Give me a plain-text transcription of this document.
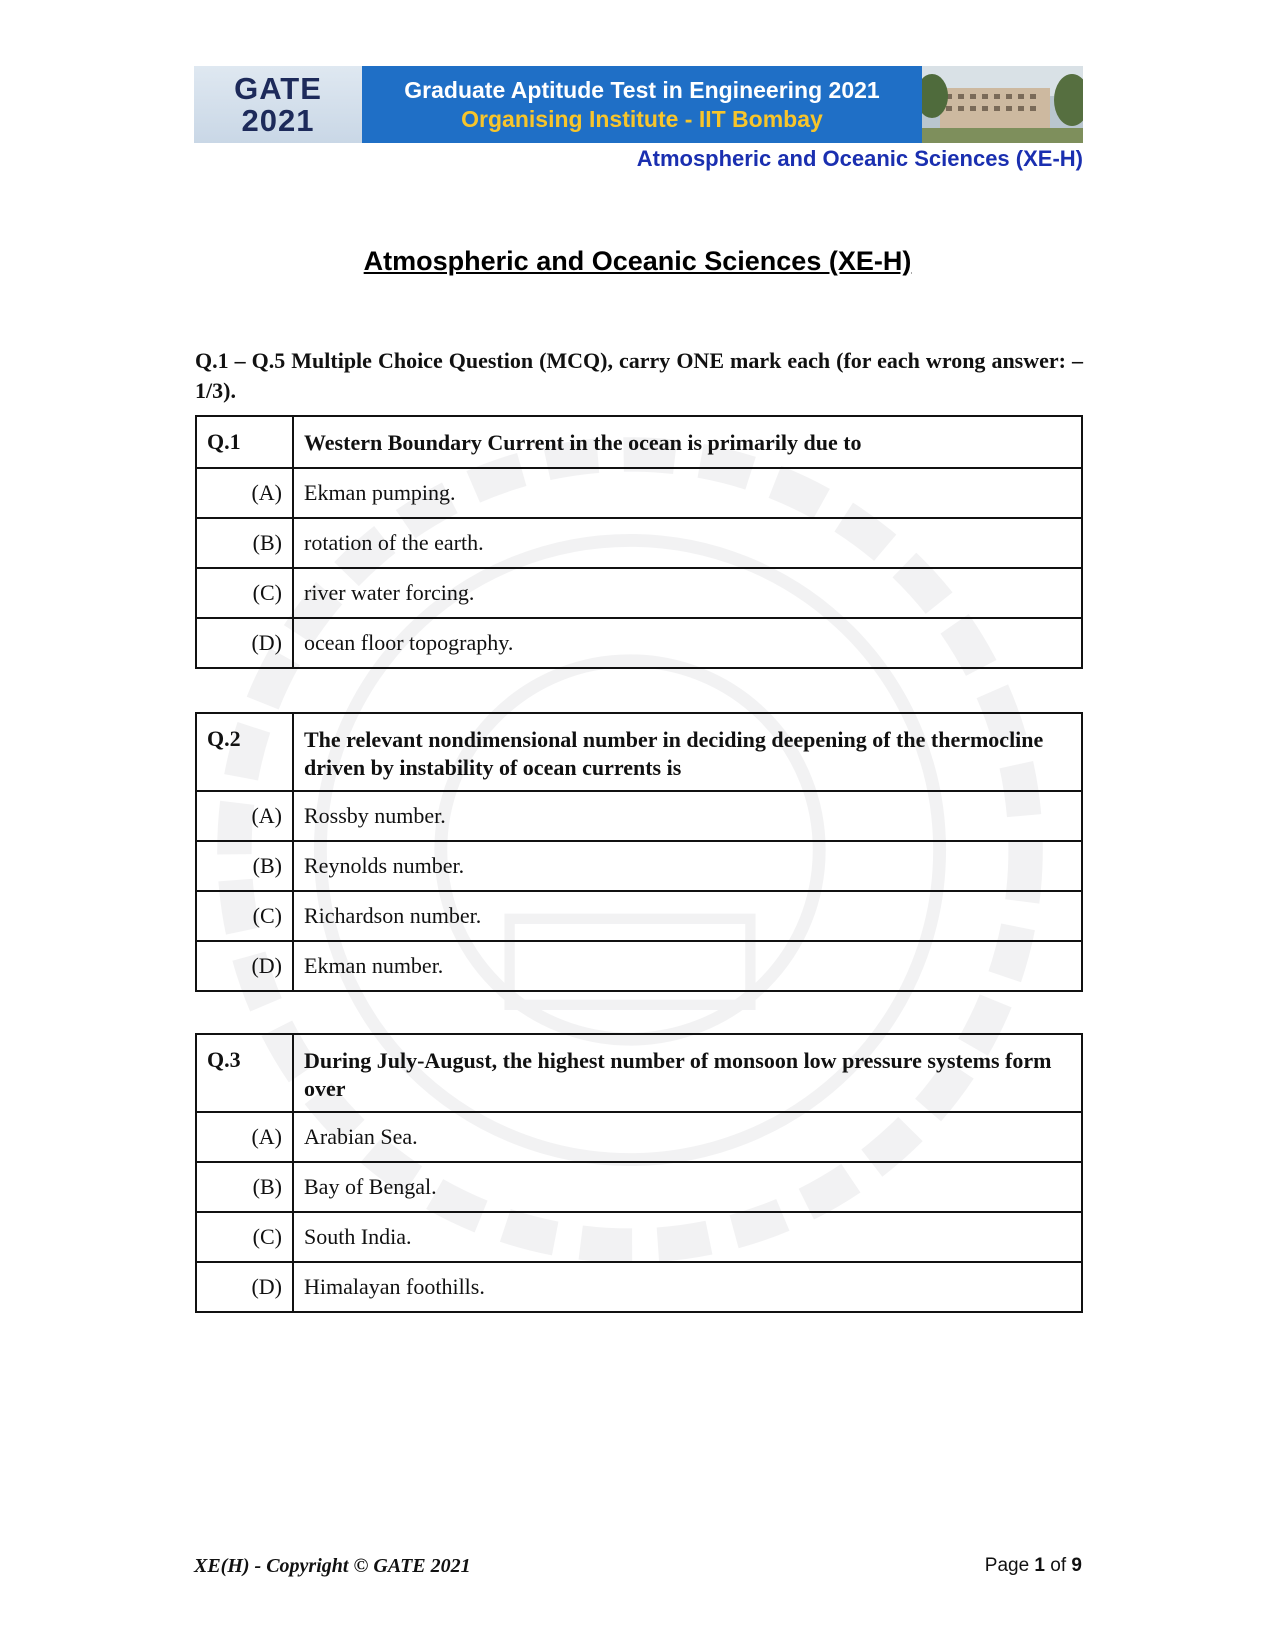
GATE
2021
Graduate Aptitude Test in Engineering 2021
Organising Institute - IIT Bombay
Atmospheric and Oceanic Sciences (XE-H)
Atmospheric and Oceanic Sciences (XE-H)
Q.1 – Q.5 Multiple Choice Question (MCQ), carry ONE mark each (for each wrong answer: – 1/3).
Q.1	Western Boundary Current in the ocean is primarily due to
(A)	Ekman pumping.
(B)	rotation of the earth.
(C)	river water forcing.
(D)	ocean floor topography.
Q.2	The relevant nondimensional number in deciding deepening of the thermocline driven by instability of ocean currents is
(A)	Rossby number.
(B)	Reynolds number.
(C)	Richardson number.
(D)	Ekman number.
Q.3	During July-August, the highest number of monsoon low pressure systems form over
(A)	Arabian Sea.
(B)	Bay of Bengal.
(C)	South India.
(D)	Himalayan foothills.
XE(H) - Copyright © GATE 2021	Page 1 of 9
